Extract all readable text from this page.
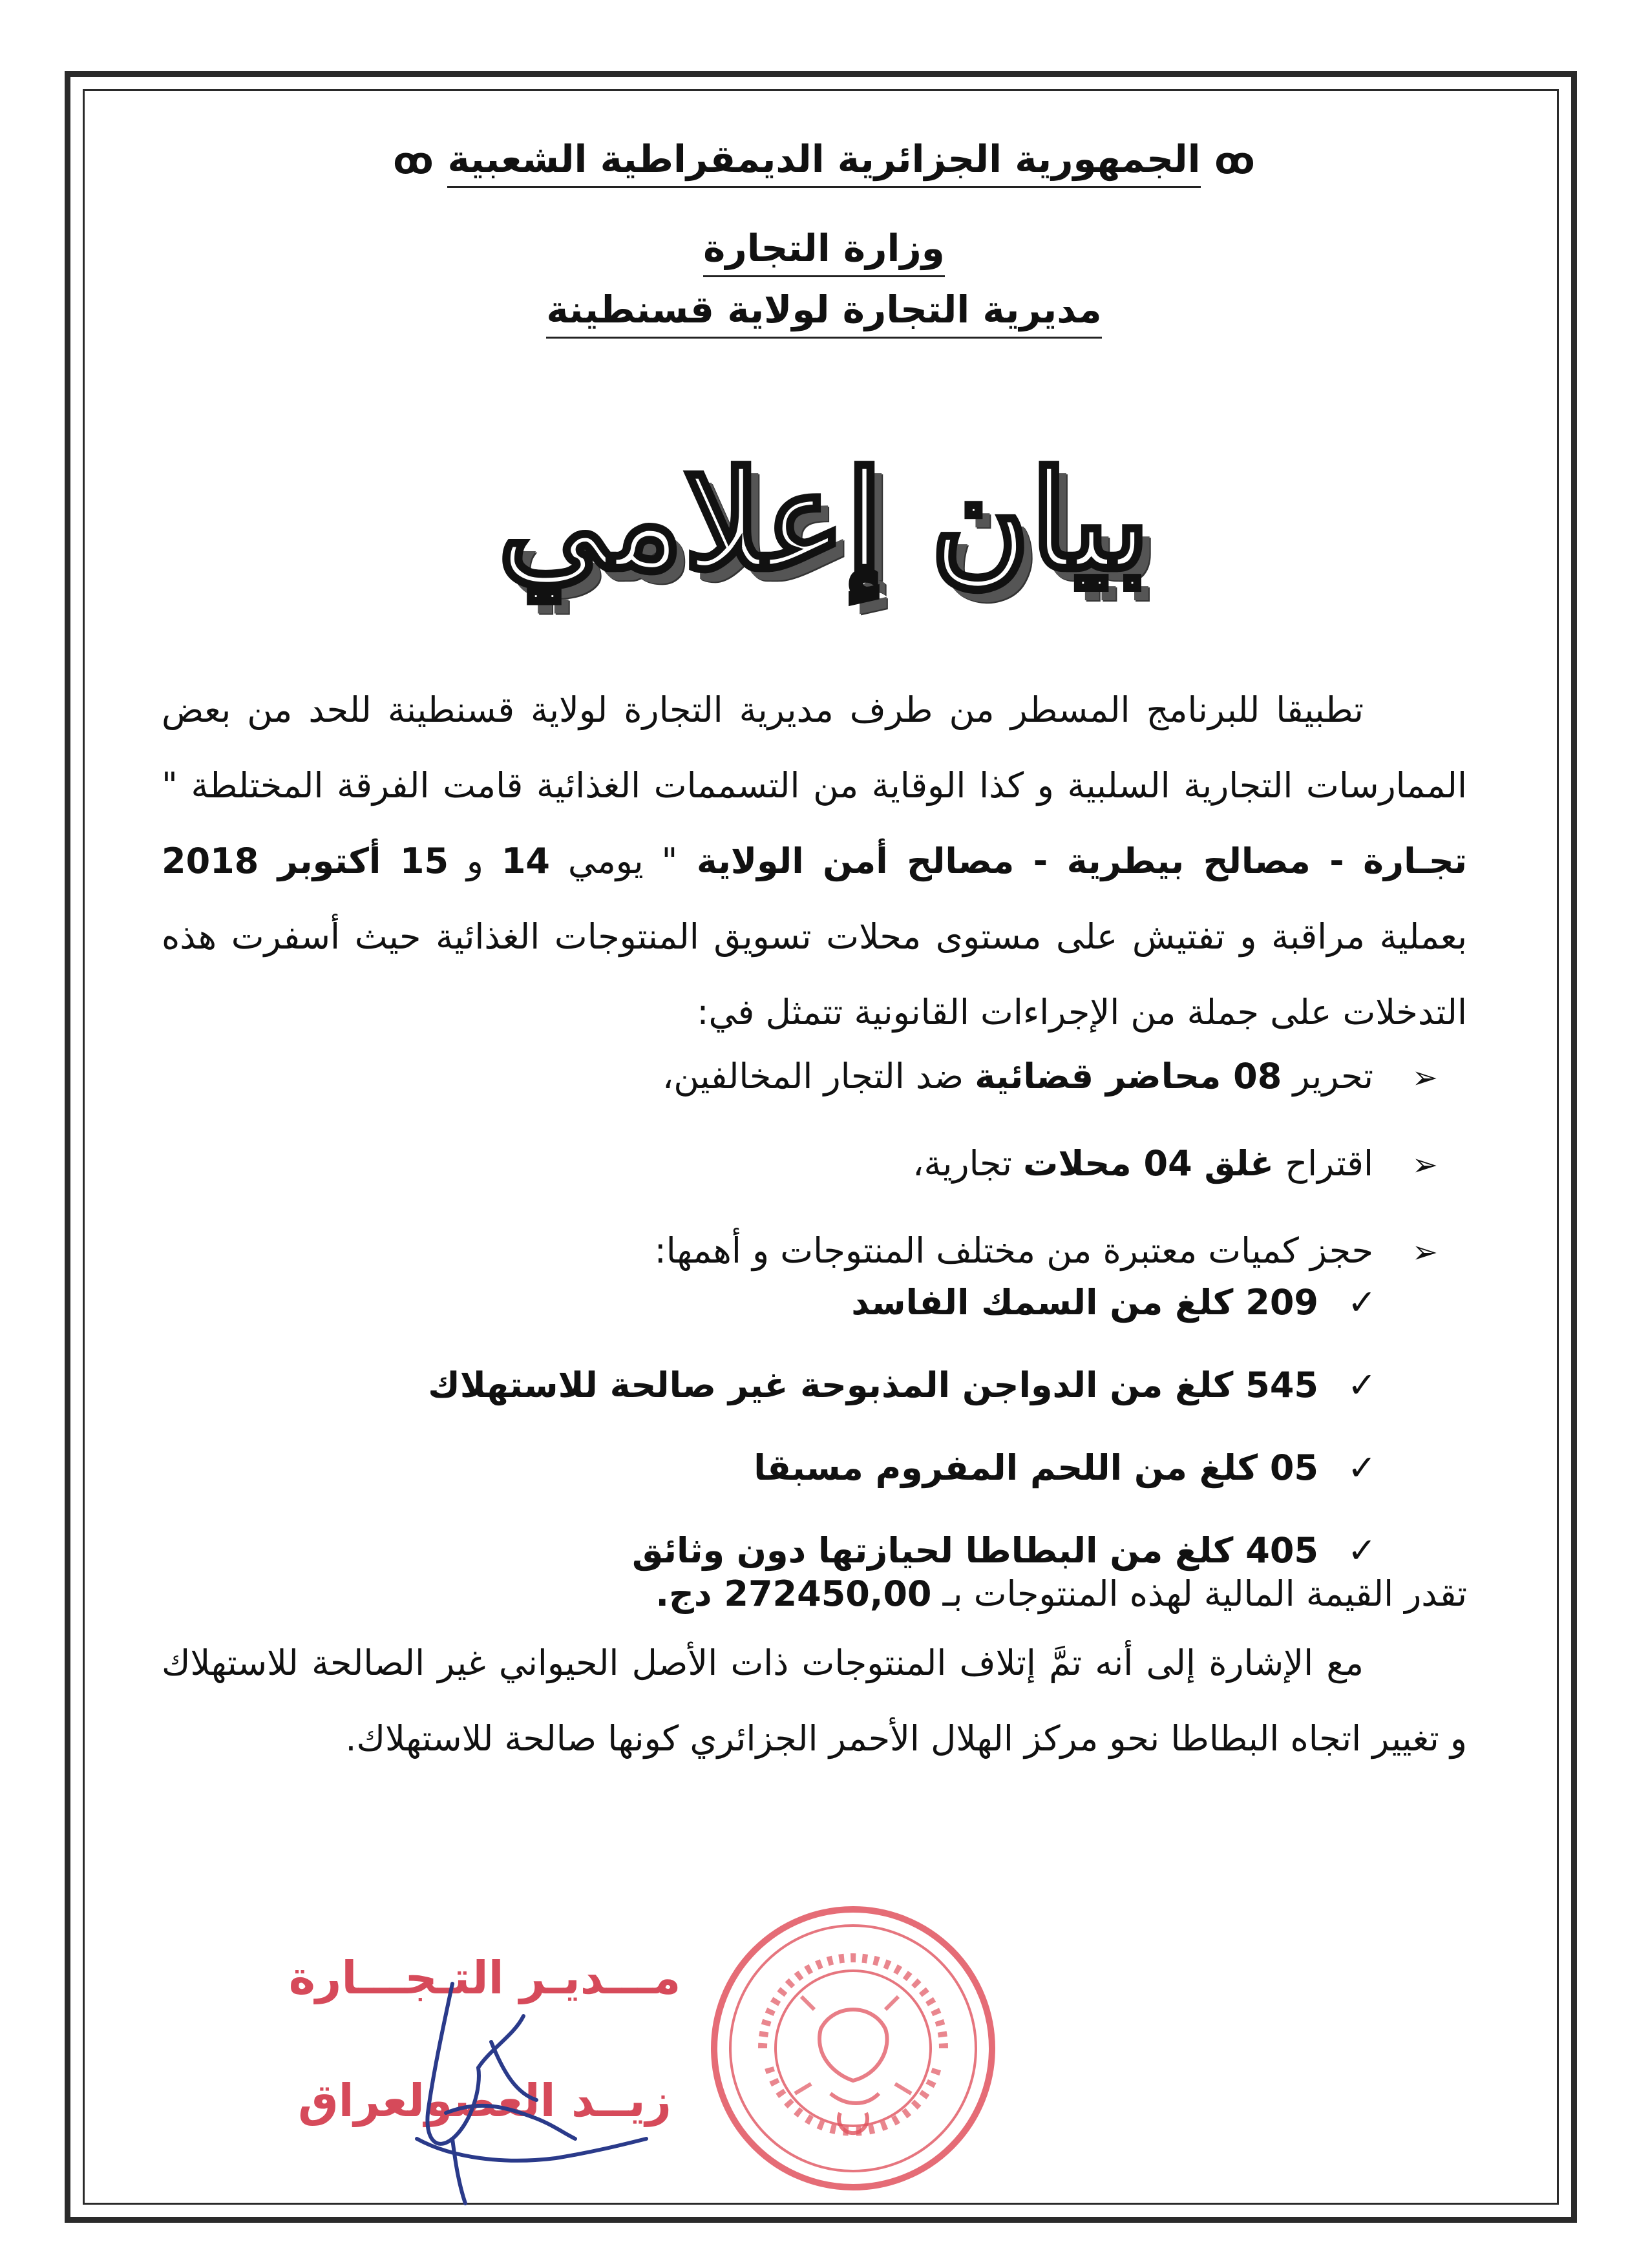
ꝏالجمهورية الجزائرية الديمقراطية الشعبيةꝏ
وزارة التجارة
مديرية التجارة لولاية قسنطينة
بيان إعلامي
تطبيقا للبرنامج المسطر من طرف مديرية التجارة لولاية قسنطينة للحد من بعض الممارسات التجارية السلبية و كذا الوقاية من التسممات الغذائية قامت الفرقة المختلطة " تجـارة - مصالح بيطرية - مصالح أمن الولاية " يومي 14 و 15 أكتوبر 2018 بعملية مراقبة و تفتيش على مستوى محلات تسويق المنتوجات الغذائية حيث أسفرت هذه التدخلات على جملة من الإجراءات القانونية تتمثل في:
➢تحرير 08 محاضر قضائية ضد التجار المخالفين،
➢اقتراح غلق 04 محلات تجارية،
➢حجز كميات معتبرة من مختلف المنتوجات و أهمها:
✓209 كلغ من السمك الفاسد
✓545 كلغ من الدواجن المذبوحة غير صالحة للاستهلاك
✓05 كلغ من اللحم المفروم مسبقا
✓405 كلغ من البطاطا لحيازتها دون وثائق
تقدر القيمة المالية لهذه المنتوجات بـ 272450,00 دج.
مع الإشارة إلى أنه تمَّ إتلاف المنتوجات ذات الأصل الحيواني غير الصالحة للاستهلاك و تغيير اتجاه البطاطا نحو مركز الهلال الأحمر الجزائري كونها صالحة للاستهلاك.
مـــديـر التـجـــارة
زيــد العصولعراق
